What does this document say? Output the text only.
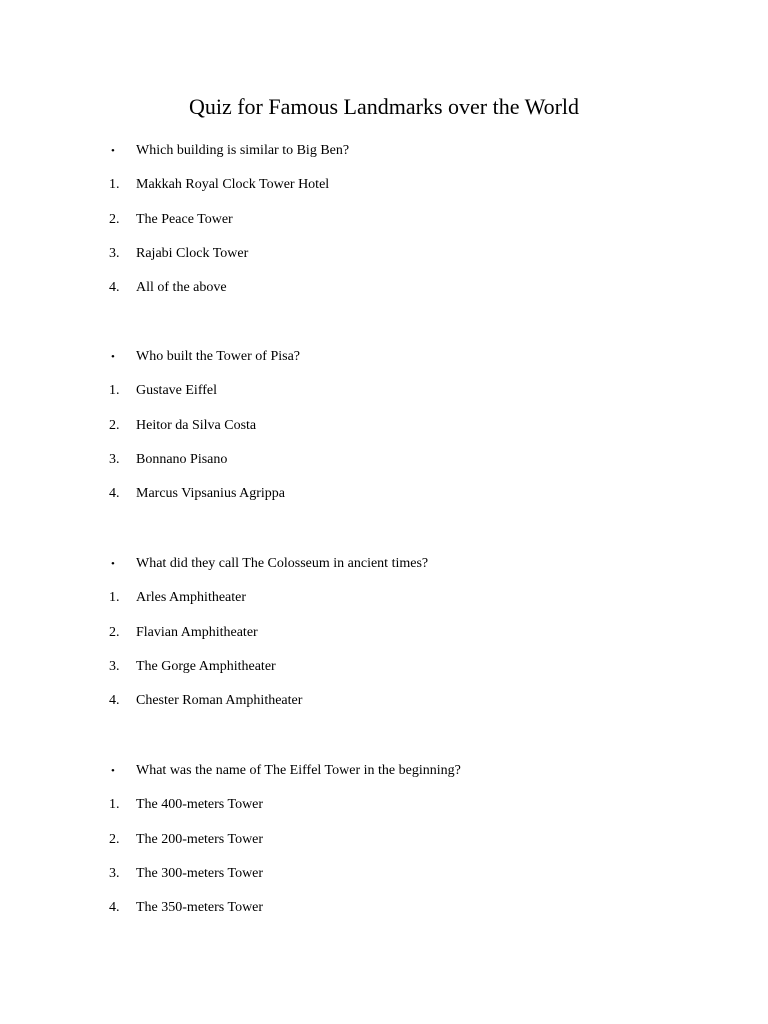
Quiz for Famous Landmarks over the World
•	Which building is similar to Big Ben?
1.	Makkah Royal Clock Tower Hotel
2.	The Peace Tower
3.	Rajabi Clock Tower
4.	All of the above
•	Who built the Tower of Pisa?
1.	Gustave Eiffel
2.	Heitor da Silva Costa
3.	Bonnano Pisano
4.	Marcus Vipsanius Agrippa
•	What did they call The Colosseum in ancient times?
1.	Arles Amphitheater
2.	Flavian Amphitheater
3.	The Gorge Amphitheater
4.	Chester Roman Amphitheater
•	What was the name of The Eiffel Tower in the beginning?
1.	The 400-meters Tower
2.	The 200-meters Tower
3.	The 300-meters Tower
4.	The 350-meters Tower
